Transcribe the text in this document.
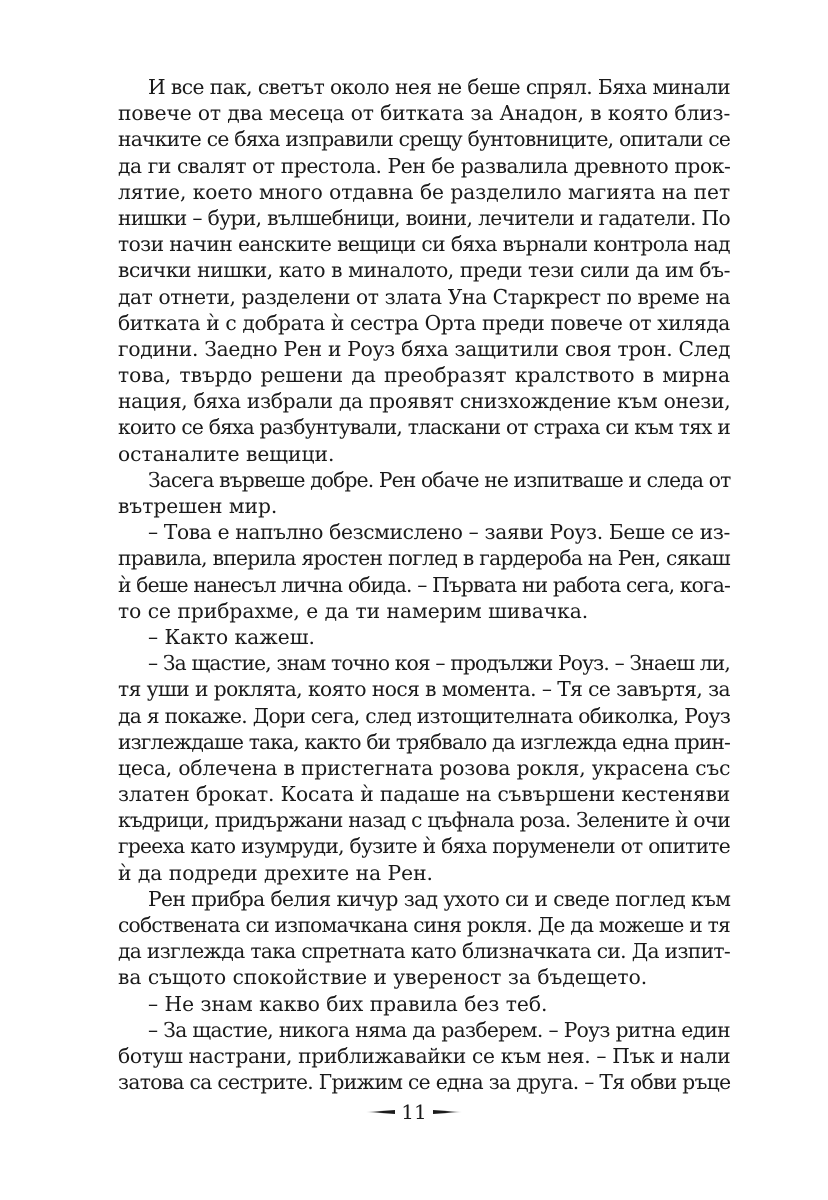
И все пак, светът около нея не беше спрял. Бяха минали
повече от два месеца от битката за Анадон, в която близ-
начките се бяха изправили срещу бунтовниците, опитали се
да ги свалят от престола. Рен бе развалила древното прок-
лятие, което много отдавна бе разделило магията на пет
нишки – бури, вълшебници, воини, лечители и гадатели. По
този начин еанските вещици си бяха върнали контрола над
всички нишки, като в миналото, преди тези сили да им бъ-
дат отнети, разделени от злата Уна Старкрест по време на
битката ѝ с добрата ѝ сестра Орта преди повече от хиляда
години. Заедно Рен и Роуз бяха защитили своя трон. След
това, твърдо решени да преобразят кралството в мирна
нация, бяха избрали да проявят снизхождение към онези,
които се бяха разбунтували, тласкани от страха си към тях и
останалите вещици.
Засега вървеше добре. Рен обаче не изпитваше и следа от
вътрешен мир.
– Това е напълно безсмислено – заяви Роуз. Беше се из-
правила, вперила яростен поглед в гардероба на Рен, сякаш
ѝ беше нанесъл лична обида. – Първата ни работа сега, кога-
то се прибрахме, е да ти намерим шивачка.
– Както кажеш.
– За щастие, знам точно коя – продължи Роуз. – Знаеш ли,
тя уши и роклята, която нося в момента. – Тя се завъртя, за
да я покаже. Дори сега, след изтощителната обиколка, Роуз
изглеждаше така, както би трябвало да изглежда една прин-
цеса, облечена в пристегната розова рокля, украсена със
златен брокат. Косата ѝ падаше на съвършени кестеняви
къдрици, придържани назад с цъфнала роза. Зелените ѝ очи
грееха като изумруди, бузите ѝ бяха поруменели от опитите
ѝ да подреди дрехите на Рен.
Рен прибра белия кичур зад ухото си и сведе поглед към
собствената си изпомачкана синя рокля. Де да можеше и тя
да изглежда така спретната като близначката си. Да изпит-
ва същото спокойствие и увереност за бъдещето.
– Не знам какво бих правила без теб.
– За щастие, никога няма да разберем. – Роуз ритна един
ботуш настрани, приближавайки се към нея. – Пък и нали
затова са сестрите. Грижим се една за друга. – Тя обви ръце
11
